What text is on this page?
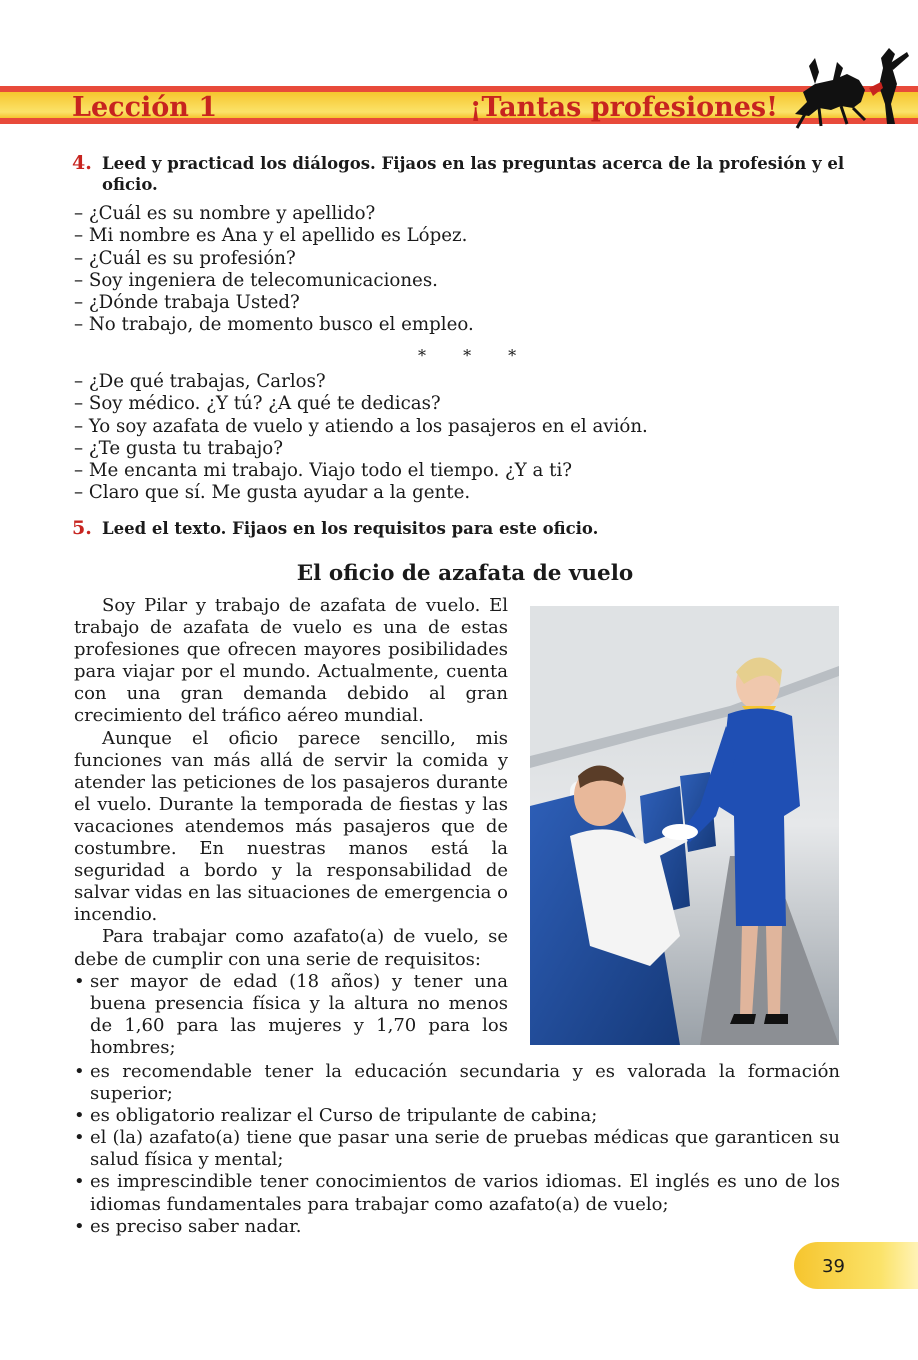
Lección 1	¡Tantas profesiones!
4. Leed y practicad los diálogos. Fijaos en las preguntas acerca de la profesión y el oficio.
– ¿Cuál es su nombre y apellido?
– Mi nombre es Ana y el apellido es López.
– ¿Cuál es su profesión?
– Soy ingeniera de telecomunicaciones.
– ¿Dónde trabaja Usted?
– No trabajo, de momento busco el empleo.
* * *
– ¿De qué trabajas, Carlos?
– Soy médico. ¿Y tú? ¿A qué te dedicas?
– Yo soy azafata de vuelo y atiendo a los pasajeros en el avión.
– ¿Te gusta tu trabajo?
– Me encanta mi trabajo. Viajo todo el tiempo. ¿Y a ti?
– Claro que sí. Me gusta ayudar a la gente.
5. Leed el texto. Fijaos en los requisitos para este oficio.
El oficio de azafata de vuelo

Soy Pilar y trabajo de azafata de vuelo. El trabajo de azafata de vuelo es una de estas profesiones que ofrecen mayores posibilidades para viajar por el mundo. Actualmente, cuenta con una gran demanda debido al gran crecimiento del tráfico aéreo mundial.

Aunque el oficio parece sencillo, mis funciones van más allá de servir la comida y atender las peticiones de los pasajeros durante el vuelo. Durante la temporada de fiestas y las vacaciones atendemos más pasajeros que de costumbre. En nuestras manos está la seguridad a bordo y la responsabilidad de salvar vidas en las situaciones de emergencia o incendio.

Para trabajar como azafato(a) de vuelo, se debe de cumplir con una serie de requisitos:

• ser mayor de edad (18 años) y tener una buena presencia física y la altura no menos de 1,60 para las mujeres y 1,70 para los hombres;
• es recomendable tener la educación secundaria y es valorada la formación superior;
• es obligatorio realizar el Curso de tripulante de cabina;
• el (la) azafato(a) tiene que pasar una serie de pruebas médicas que garanticen su salud física y mental;
• es imprescindible tener conocimientos de varios idiomas. El inglés es uno de los idiomas fundamentales para trabajar como azafato(a) de vuelo;
• es preciso saber nadar.
39
